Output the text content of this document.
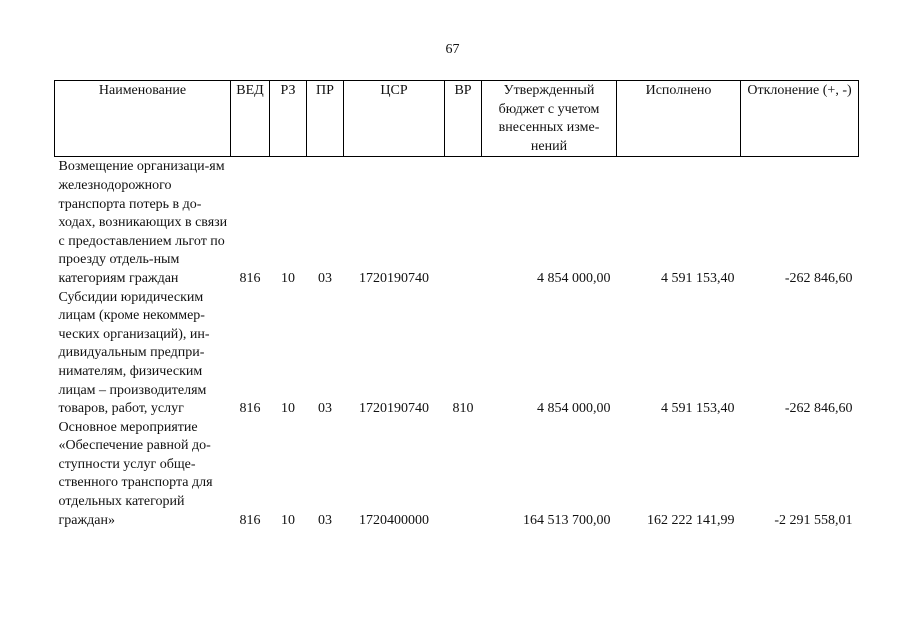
67
Наименование	ВЕД	РЗ	ПР	ЦСР	ВР	Утвержденный бюджет с учетом внесенных изме-нений	Исполнено	Отклонение (+, -)
Возмещение организаци-ям железнодорожного транспорта потерь в до-ходах, возникающих в связи с предоставлением льгот по проезду отдель-ным категориям граждан	816	10	03	1720190740		4 854 000,00	4 591 153,40	-262 846,60
Субсидии юридическим лицам (кроме некоммер-ческих организаций), ин-дивидуальным предпри-нимателям, физическим лицам – производителям товаров, работ, услуг	816	10	03	1720190740	810	4 854 000,00	4 591 153,40	-262 846,60
Основное мероприятие «Обеспечение равной до-ступности услуг обще-ственного транспорта для отдельных категорий граждан»	816	10	03	1720400000		164 513 700,00	162 222 141,99	-2 291 558,01
